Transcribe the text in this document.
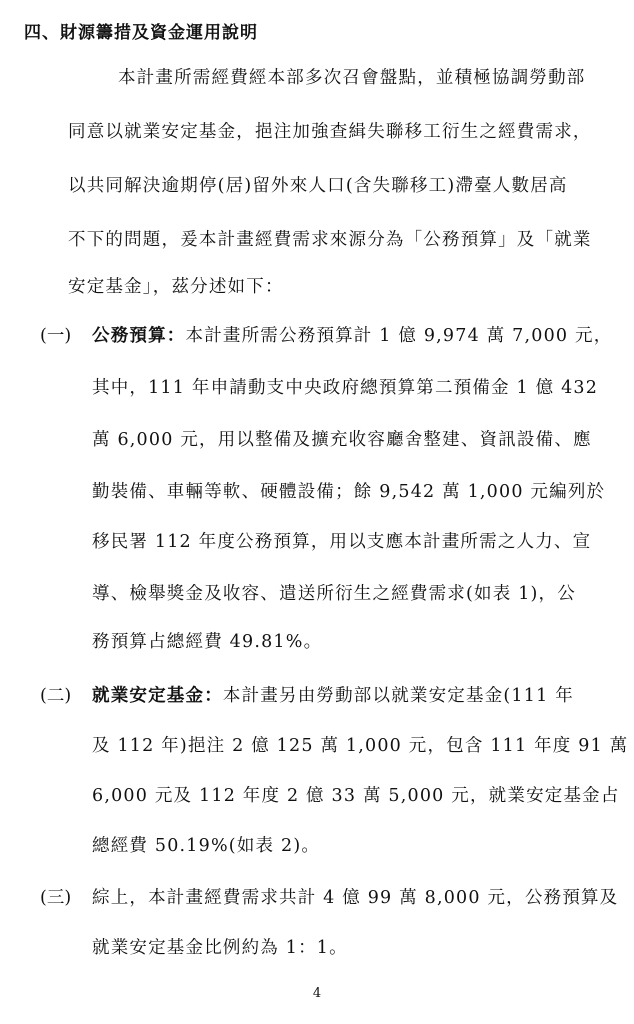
四、財源籌措及資金運用說明
本計畫所需經費經本部多次召會盤點，並積極協調勞動部
同意以就業安定基金，挹注加強查緝失聯移工衍生之經費需求，
以共同解決逾期停(居)留外來人口(含失聯移工)滯臺人數居高
不下的問題，爰本計畫經費需求來源分為「公務預算」及「就業
安定基金」，茲分述如下：
(一) 公務預算：本計畫所需公務預算計 1 億 9,974 萬 7,000 元，
其中，111 年申請動支中央政府總預算第二預備金 1 億 432
萬 6,000 元，用以整備及擴充收容廳舍整建、資訊設備、應
勤裝備、車輛等軟、硬體設備；餘 9,542 萬 1,000 元編列於
移民署 112 年度公務預算，用以支應本計畫所需之人力、宣
導、檢舉獎金及收容、遣送所衍生之經費需求(如表 1)，公
務預算占總經費 49.81%。
(二) 就業安定基金：本計畫另由勞動部以就業安定基金(111 年
及 112 年)挹注 2 億 125 萬 1,000 元，包含 111 年度 91 萬
6,000 元及 112 年度 2 億 33 萬 5,000 元，就業安定基金占
總經費 50.19%(如表 2)。
(三) 綜上，本計畫經費需求共計 4 億 99 萬 8,000 元，公務預算及
就業安定基金比例約為 1：1。
4
